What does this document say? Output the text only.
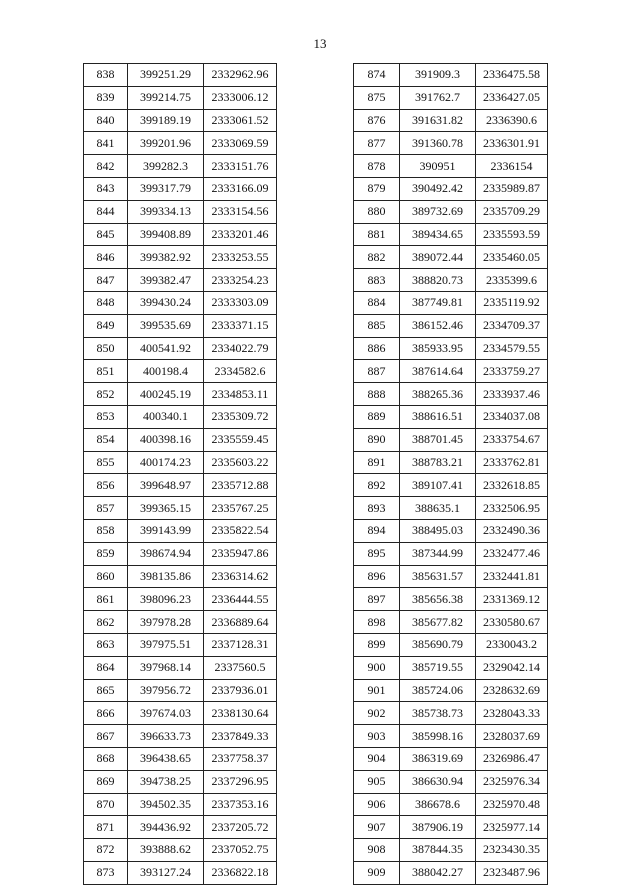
13
838	399251.29	2332962.96
839	399214.75	2333006.12
840	399189.19	2333061.52
841	399201.96	2333069.59
842	399282.3	2333151.76
843	399317.79	2333166.09
844	399334.13	2333154.56
845	399408.89	2333201.46
846	399382.92	2333253.55
847	399382.47	2333254.23
848	399430.24	2333303.09
849	399535.69	2333371.15
850	400541.92	2334022.79
851	400198.4	2334582.6
852	400245.19	2334853.11
853	400340.1	2335309.72
854	400398.16	2335559.45
855	400174.23	2335603.22
856	399648.97	2335712.88
857	399365.15	2335767.25
858	399143.99	2335822.54
859	398674.94	2335947.86
860	398135.86	2336314.62
861	398096.23	2336444.55
862	397978.28	2336889.64
863	397975.51	2337128.31
864	397968.14	2337560.5
865	397956.72	2337936.01
866	397674.03	2338130.64
867	396633.73	2337849.33
868	396438.65	2337758.37
869	394738.25	2337296.95
870	394502.35	2337353.16
871	394436.92	2337205.72
872	393888.62	2337052.75
873	393127.24	2336822.18
874	391909.3	2336475.58
875	391762.7	2336427.05
876	391631.82	2336390.6
877	391360.78	2336301.91
878	390951	2336154
879	390492.42	2335989.87
880	389732.69	2335709.29
881	389434.65	2335593.59
882	389072.44	2335460.05
883	388820.73	2335399.6
884	387749.81	2335119.92
885	386152.46	2334709.37
886	385933.95	2334579.55
887	387614.64	2333759.27
888	388265.36	2333937.46
889	388616.51	2334037.08
890	388701.45	2333754.67
891	388783.21	2333762.81
892	389107.41	2332618.85
893	388635.1	2332506.95
894	388495.03	2332490.36
895	387344.99	2332477.46
896	385631.57	2332441.81
897	385656.38	2331369.12
898	385677.82	2330580.67
899	385690.79	2330043.2
900	385719.55	2329042.14
901	385724.06	2328632.69
902	385738.73	2328043.33
903	385998.16	2328037.69
904	386319.69	2326986.47
905	386630.94	2325976.34
906	386678.6	2325970.48
907	387906.19	2325977.14
908	387844.35	2323430.35
909	388042.27	2323487.96
